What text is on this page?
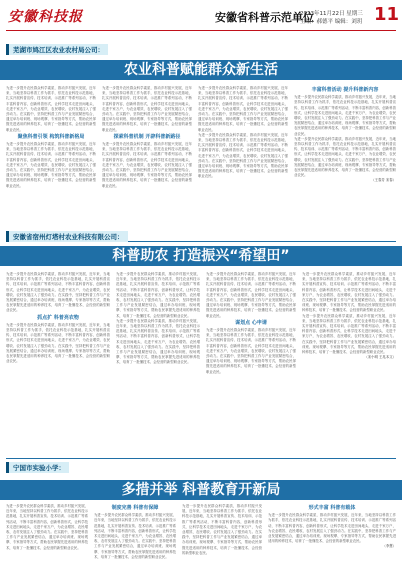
安徽科技报	安徽省科普示范单位
2023年11月22日 星期三
主编：郝德平 编辑：刘玥 11
芜湖市鸠江区农业农村局公司：
农业科普赋能群众新生活
为进一步提升农民群众科学素质，推动乡村振兴发展，近年来，当地坚持以科普工作为抓手，依托农业科技示范基地，扎实开展科普宣传、技术培训、示范推广等系列活动，不断丰富科普内容，创新科普形式，让科学技术走进田间地头，走进千家万户，为农业增效、农民增收、农村发展注入了强劲动力。在实践中，坚持把科普工作与产业发展紧密结合，通过举办培训班、现场观摩、专家指导等方式，帮助农民掌握先进适用的种养技术，培育了一批懂技术、会经营的新型职业农民。
聚焦科普引领 构筑科普新格局
为进一步提升农民群众科学素质，推动乡村振兴发展，近年来，当地坚持以科普工作为抓手，依托农业科技示范基地，扎实开展科普宣传、技术培训、示范推广等系列活动，不断丰富科普内容，创新科普形式，让科学技术走进田间地头，走进千家万户，为农业增效、农民增收、农村发展注入了强劲动力。在实践中，坚持把科普工作与产业发展紧密结合，通过举办培训班、现场观摩、专家指导等方式，帮助农民掌握先进适用的种养技术，培育了一批懂技术、会经营的新型职业农民。
为进一步提升农民群众科学素质，推动乡村振兴发展，近年来，当地坚持以科普工作为抓手，依托农业科技示范基地，扎实开展科普宣传、技术培训、示范推广等系列活动，不断丰富科普内容，创新科普形式，让科学技术走进田间地头，走进千家万户，为农业增效、农民增收、农村发展注入了强劲动力。在实践中，坚持把科普工作与产业发展紧密结合，通过举办培训班、现场观摩、专家指导等方式，帮助农民掌握先进适用的种养技术，培育了一批懂技术、会经营的新型职业农民。
探索科普机制 开辟科普新路径
为进一步提升农民群众科学素质，推动乡村振兴发展，近年来，当地坚持以科普工作为抓手，依托农业科技示范基地，扎实开展科普宣传、技术培训、示范推广等系列活动，不断丰富科普内容，创新科普形式，让科学技术走进田间地头，走进千家万户，为农业增效、农民增收、农村发展注入了强劲动力。在实践中，坚持把科普工作与产业发展紧密结合，通过举办培训班、现场观摩、专家指导等方式，帮助农民掌握先进适用的种养技术，培育了一批懂技术、会经营的新型职业农民。
为进一步提升农民群众科学素质，推动乡村振兴发展，近年来，当地坚持以科普工作为抓手，依托农业科技示范基地，扎实开展科普宣传、技术培训、示范推广等系列活动，不断丰富科普内容，创新科普形式，让科学技术走进田间地头，走进千家万户，为农业增效、农民增收、农村发展注入了强劲动力。在实践中，坚持把科普工作与产业发展紧密结合，通过举办培训班、现场观摩、专家指导等方式，帮助农民掌握先进适用的种养技术，培育了一批懂技术、会经营的新型职业农民。
为进一步提升农民群众科学素质，推动乡村振兴发展，近年来，当地坚持以科普工作为抓手，依托农业科技示范基地，扎实开展科普宣传、技术培训、示范推广等系列活动，不断丰富科普内容，创新科普形式，让科学技术走进田间地头，走进千家万户，为农业增效、农民增收、农村发展注入了强劲动力。在实践中，坚持把科普工作与产业发展紧密结合，通过举办培训班、现场观摩、专家指导等方式，帮助农民掌握先进适用的种养技术，培育了一批懂技术、会经营的新型职业农民。
丰富科普活动 提升科普新内容
为进一步提升农民群众科学素质，推动乡村振兴发展，近年来，当地坚持以科普工作为抓手，依托农业科技示范基地，扎实开展科普宣传、技术培训、示范推广等系列活动，不断丰富科普内容，创新科普形式，让科学技术走进田间地头，走进千家万户，为农业增效、农民增收、农村发展注入了强劲动力。在实践中，坚持把科普工作与产业发展紧密结合，通过举办培训班、现场观摩、专家指导等方式，帮助农民掌握先进适用的种养技术，培育了一批懂技术、会经营的新型职业农民。
为进一步提升农民群众科学素质，推动乡村振兴发展，近年来，当地坚持以科普工作为抓手，依托农业科技示范基地，扎实开展科普宣传、技术培训、示范推广等系列活动，不断丰富科普内容，创新科普形式，让科学技术走进田间地头，走进千家万户，为农业增效、农民增收、农村发展注入了强劲动力。在实践中，坚持把科普工作与产业发展紧密结合，通过举办培训班、现场观摩、专家指导等方式，帮助农民掌握先进适用的种养技术，培育了一批懂技术、会经营的新型职业农民。
（王春芳 宋春）
安徽省宿州灯塔村农业科技有限公司：
科普助农 打造振兴“希望田”
为进一步提升农民群众科学素质，推动乡村振兴发展，近年来，当地坚持以科普工作为抓手，依托农业科技示范基地，扎实开展科普宣传、技术培训、示范推广等系列活动，不断丰富科普内容，创新科普形式，让科学技术走进田间地头，走进千家万户，为农业增效、农民增收、农村发展注入了强劲动力。在实践中，坚持把科普工作与产业发展紧密结合，通过举办培训班、现场观摩、专家指导等方式，帮助农民掌握先进适用的种养技术，培育了一批懂技术、会经营的新型职业农民。
抓点扩 科普亮农物
为进一步提升农民群众科学素质，推动乡村振兴发展，近年来，当地坚持以科普工作为抓手，依托农业科技示范基地，扎实开展科普宣传、技术培训、示范推广等系列活动，不断丰富科普内容，创新科普形式，让科学技术走进田间地头，走进千家万户，为农业增效、农民增收、农村发展注入了强劲动力。在实践中，坚持把科普工作与产业发展紧密结合，通过举办培训班、现场观摩、专家指导等方式，帮助农民掌握先进适用的种养技术，培育了一批懂技术、会经营的新型职业农民。
为进一步提升农民群众科学素质，推动乡村振兴发展，近年来，当地坚持以科普工作为抓手，依托农业科技示范基地，扎实开展科普宣传、技术培训、示范推广等系列活动，不断丰富科普内容，创新科普形式，让科学技术走进田间地头，走进千家万户，为农业增效、农民增收、农村发展注入了强劲动力。在实践中，坚持把科普工作与产业发展紧密结合，通过举办培训班、现场观摩、专家指导等方式，帮助农民掌握先进适用的种养技术，培育了一批懂技术、会经营的新型职业农民。
为进一步提升农民群众科学素质，推动乡村振兴发展，近年来，当地坚持以科普工作为抓手，依托农业科技示范基地，扎实开展科普宣传、技术培训、示范推广等系列活动，不断丰富科普内容，创新科普形式，让科学技术走进田间地头，走进千家万户，为农业增效、农民增收、农村发展注入了强劲动力。在实践中，坚持把科普工作与产业发展紧密结合，通过举办培训班、现场观摩、专家指导等方式，帮助农民掌握先进适用的种养技术，培育了一批懂技术、会经营的新型职业农民。
为进一步提升农民群众科学素质，推动乡村振兴发展，近年来，当地坚持以科普工作为抓手，依托农业科技示范基地，扎实开展科普宣传、技术培训、示范推广等系列活动，不断丰富科普内容，创新科普形式，让科学技术走进田间地头，走进千家万户，为农业增效、农民增收、农村发展注入了强劲动力。在实践中，坚持把科普工作与产业发展紧密结合，通过举办培训班、现场观摩、专家指导等方式，帮助农民掌握先进适用的种养技术，培育了一批懂技术、会经营的新型职业农民。
谋划点 心申请
为进一步提升农民群众科学素质，推动乡村振兴发展，近年来，当地坚持以科普工作为抓手，依托农业科技示范基地，扎实开展科普宣传、技术培训、示范推广等系列活动，不断丰富科普内容，创新科普形式，让科学技术走进田间地头，走进千家万户，为农业增效、农民增收、农村发展注入了强劲动力。在实践中，坚持把科普工作与产业发展紧密结合，通过举办培训班、现场观摩、专家指导等方式，帮助农民掌握先进适用的种养技术，培育了一批懂技术、会经营的新型职业农民。
为进一步提升农民群众科学素质，推动乡村振兴发展，近年来，当地坚持以科普工作为抓手，依托农业科技示范基地，扎实开展科普宣传、技术培训、示范推广等系列活动，不断丰富科普内容，创新科普形式，让科学技术走进田间地头，走进千家万户，为农业增效、农民增收、农村发展注入了强劲动力。在实践中，坚持把科普工作与产业发展紧密结合，通过举办培训班、现场观摩、专家指导等方式，帮助农民掌握先进适用的种养技术，培育了一批懂技术、会经营的新型职业农民。
为进一步提升农民群众科学素质，推动乡村振兴发展，近年来，当地坚持以科普工作为抓手，依托农业科技示范基地，扎实开展科普宣传、技术培训、示范推广等系列活动，不断丰富科普内容，创新科普形式，让科学技术走进田间地头，走进千家万户，为农业增效、农民增收、农村发展注入了强劲动力。在实践中，坚持把科普工作与产业发展紧密结合，通过举办培训班、现场观摩、专家指导等方式，帮助农民掌握先进适用的种养技术，培育了一批懂技术、会经营的新型职业农民。
（宋小明 王兆本文）
宁国市实验小学：
多措并举 科普教育开新局
为进一步提升农民群众科学素质，推动乡村振兴发展，近年来，当地坚持以科普工作为抓手，依托农业科技示范基地，扎实开展科普宣传、技术培训、示范推广等系列活动，不断丰富科普内容，创新科普形式，让科学技术走进田间地头，走进千家万户，为农业增效、农民增收、农村发展注入了强劲动力。在实践中，坚持把科普工作与产业发展紧密结合，通过举办培训班、现场观摩、专家指导等方式，帮助农民掌握先进适用的种养技术，培育了一批懂技术、会经营的新型职业农民。
制度完善 科普有保障
为进一步提升农民群众科学素质，推动乡村振兴发展，近年来，当地坚持以科普工作为抓手，依托农业科技示范基地，扎实开展科普宣传、技术培训、示范推广等系列活动，不断丰富科普内容，创新科普形式，让科学技术走进田间地头，走进千家万户，为农业增效、农民增收、农村发展注入了强劲动力。在实践中，坚持把科普工作与产业发展紧密结合，通过举办培训班、现场观摩、专家指导等方式，帮助农民掌握先进适用的种养技术，培育了一批懂技术、会经营的新型职业农民。
为进一步提升农民群众科学素质，推动乡村振兴发展，近年来，当地坚持以科普工作为抓手，依托农业科技示范基地，扎实开展科普宣传、技术培训、示范推广等系列活动，不断丰富科普内容，创新科普形式，让科学技术走进田间地头，走进千家万户，为农业增效、农民增收、农村发展注入了强劲动力。在实践中，坚持把科普工作与产业发展紧密结合，通过举办培训班、现场观摩、专家指导等方式，帮助农民掌握先进适用的种养技术，培育了一批懂技术、会经营的新型职业农民。
形式丰富 科普有载体
为进一步提升农民群众科学素质，推动乡村振兴发展，近年来，当地坚持以科普工作为抓手，依托农业科技示范基地，扎实开展科普宣传、技术培训、示范推广等系列活动，不断丰富科普内容，创新科普形式，让科学技术走进田间地头，走进千家万户，为农业增效、农民增收、农村发展注入了强劲动力。在实践中，坚持把科普工作与产业发展紧密结合，通过举办培训班、现场观摩、专家指导等方式，帮助农民掌握先进适用的种养技术，培育了一批懂技术、会经营的新型职业农民。
（李慧）
